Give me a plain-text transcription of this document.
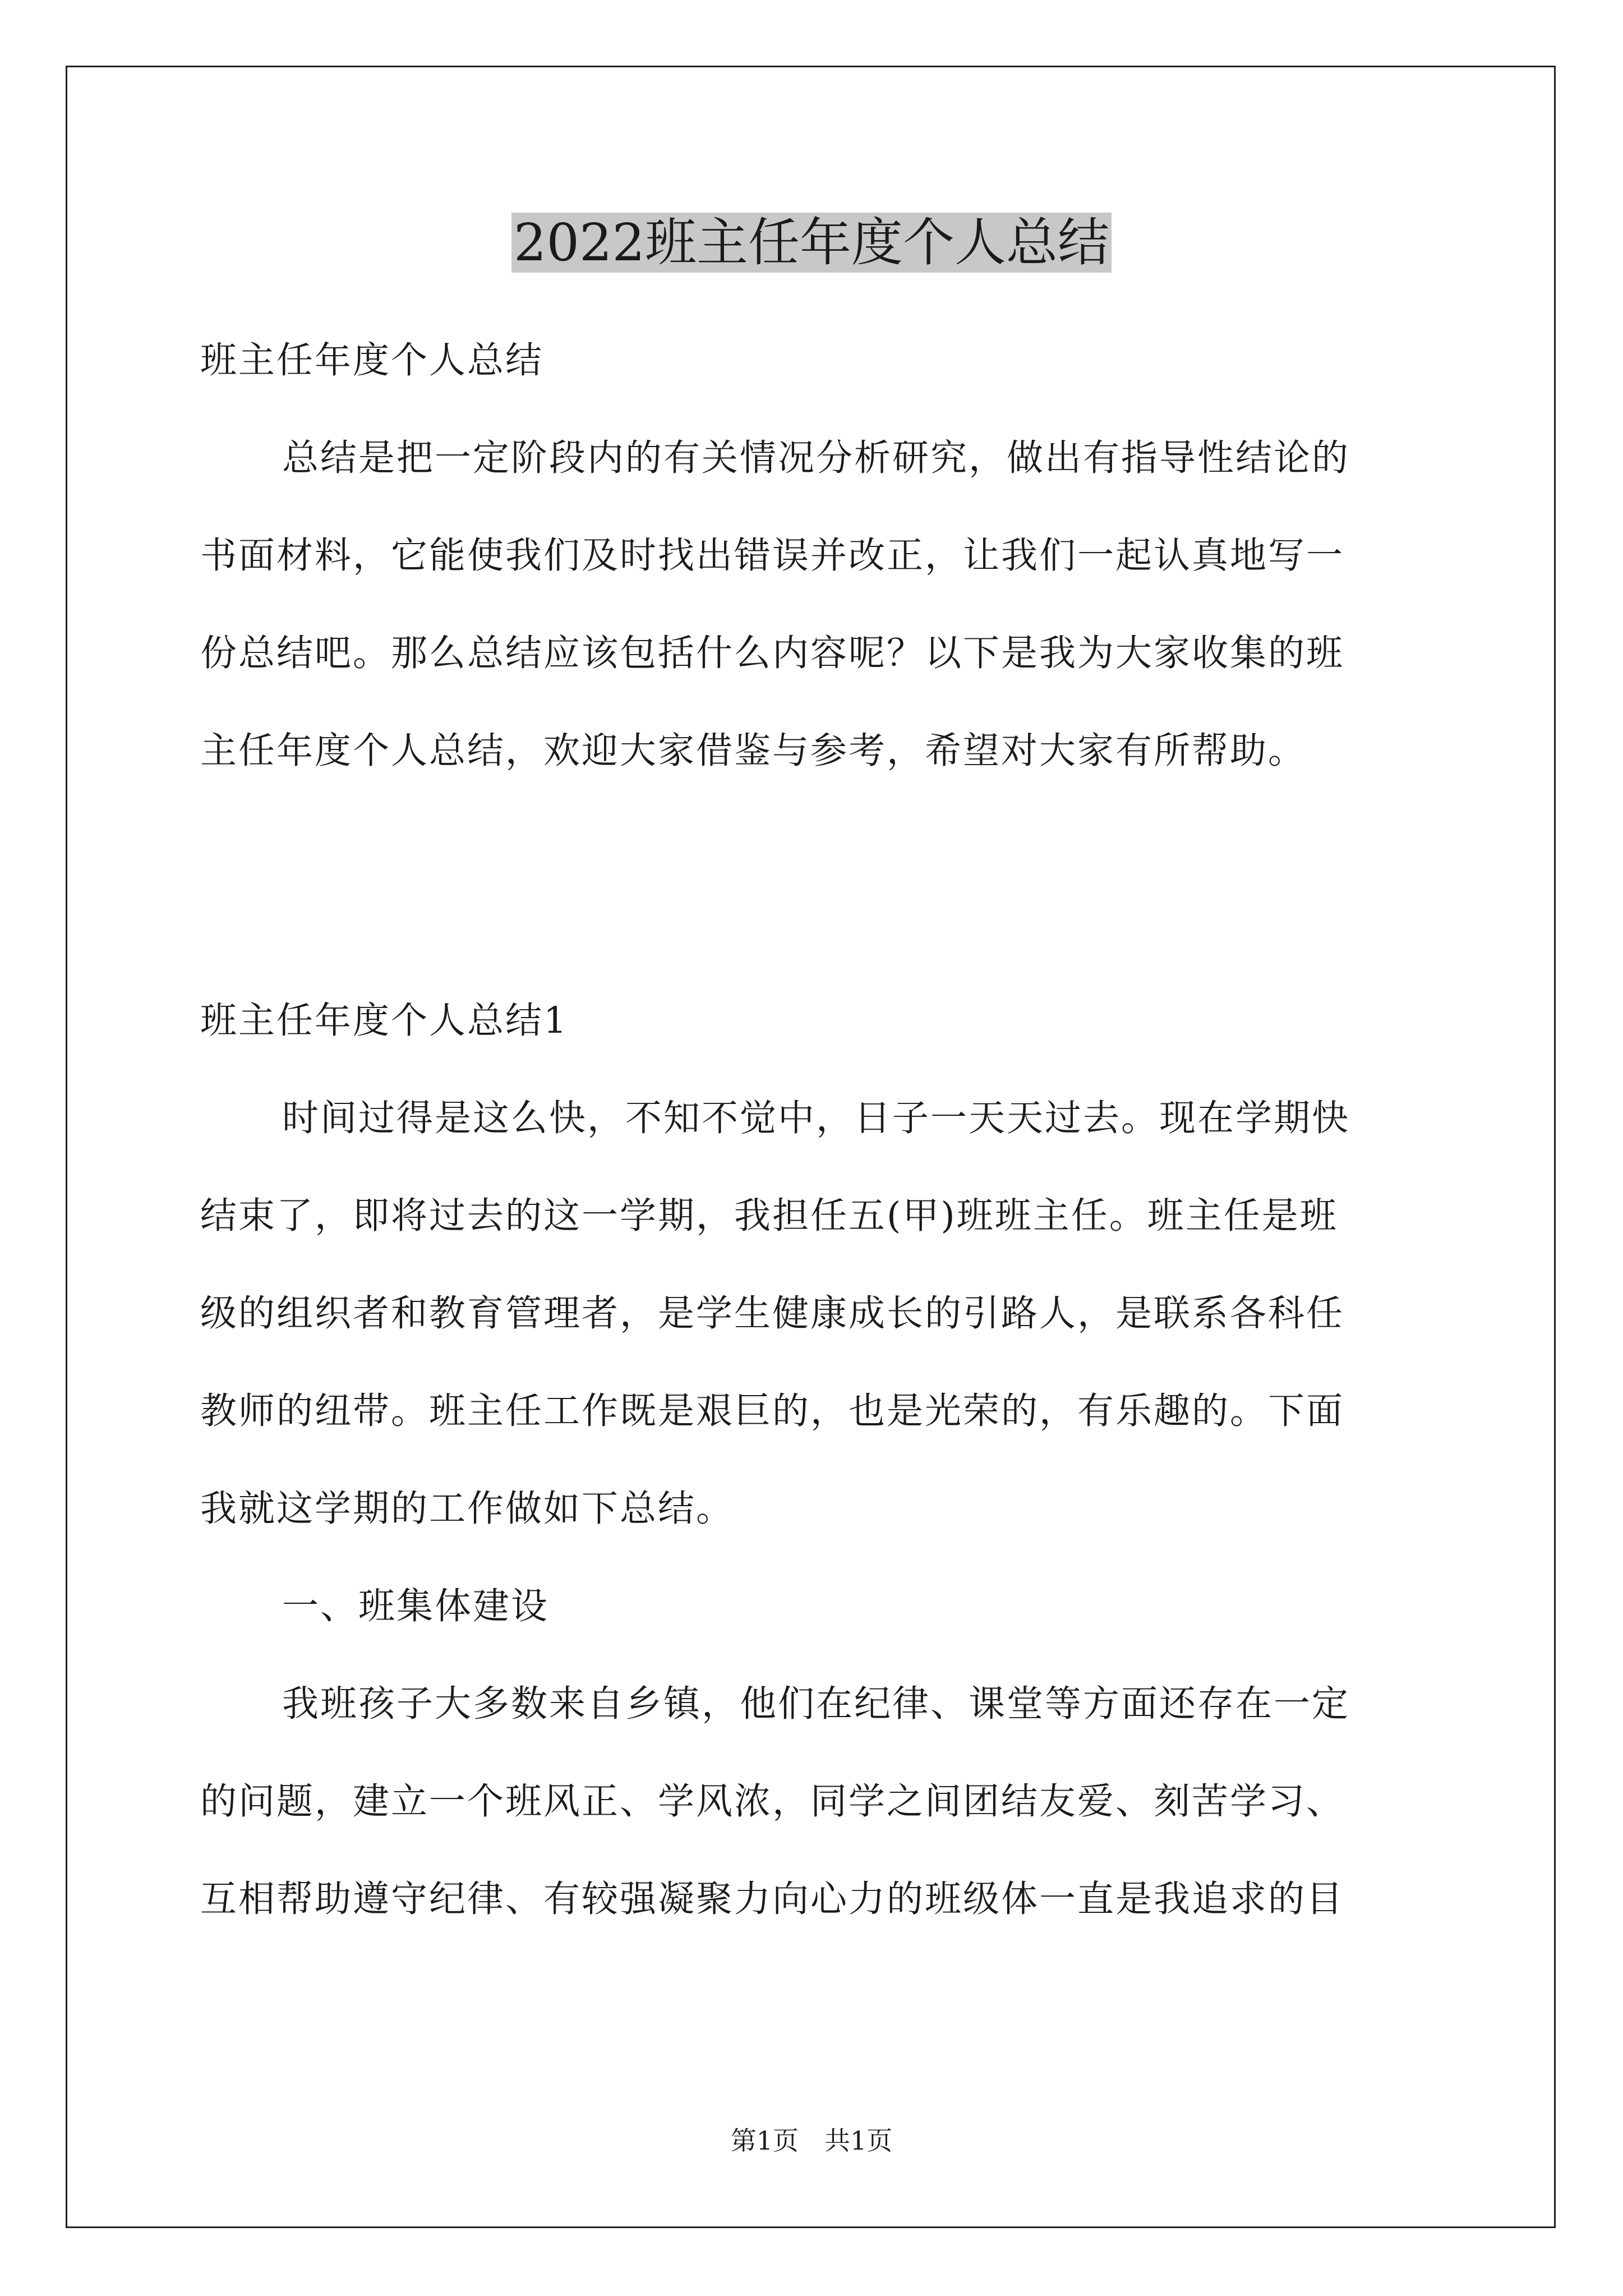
2022班主任年度个人总结

班主任年度个人总结

总结是把一定阶段内的有关情况分析研究，做出有指导性结论的
书面材料，它能使我们及时找出错误并改正，让我们一起认真地写一
份总结吧。那么总结应该包括什么内容呢？以下是我为大家收集的班
主任年度个人总结，欢迎大家借鉴与参考，希望对大家有所帮助。

班主任年度个人总结1

时间过得是这么快，不知不觉中，日子一天天过去。现在学期快
结束了，即将过去的这一学期，我担任五(甲)班班主任。班主任是班
级的组织者和教育管理者，是学生健康成长的引路人，是联系各科任
教师的纽带。班主任工作既是艰巨的，也是光荣的，有乐趣的。下面
我就这学期的工作做如下总结。

一、班集体建设

我班孩子大多数来自乡镇，他们在纪律、课堂等方面还存在一定
的问题，建立一个班风正、学风浓，同学之间团结友爱、刻苦学习、
互相帮助遵守纪律、有较强凝聚力向心力的班级体一直是我追求的目

第1页　共1页
